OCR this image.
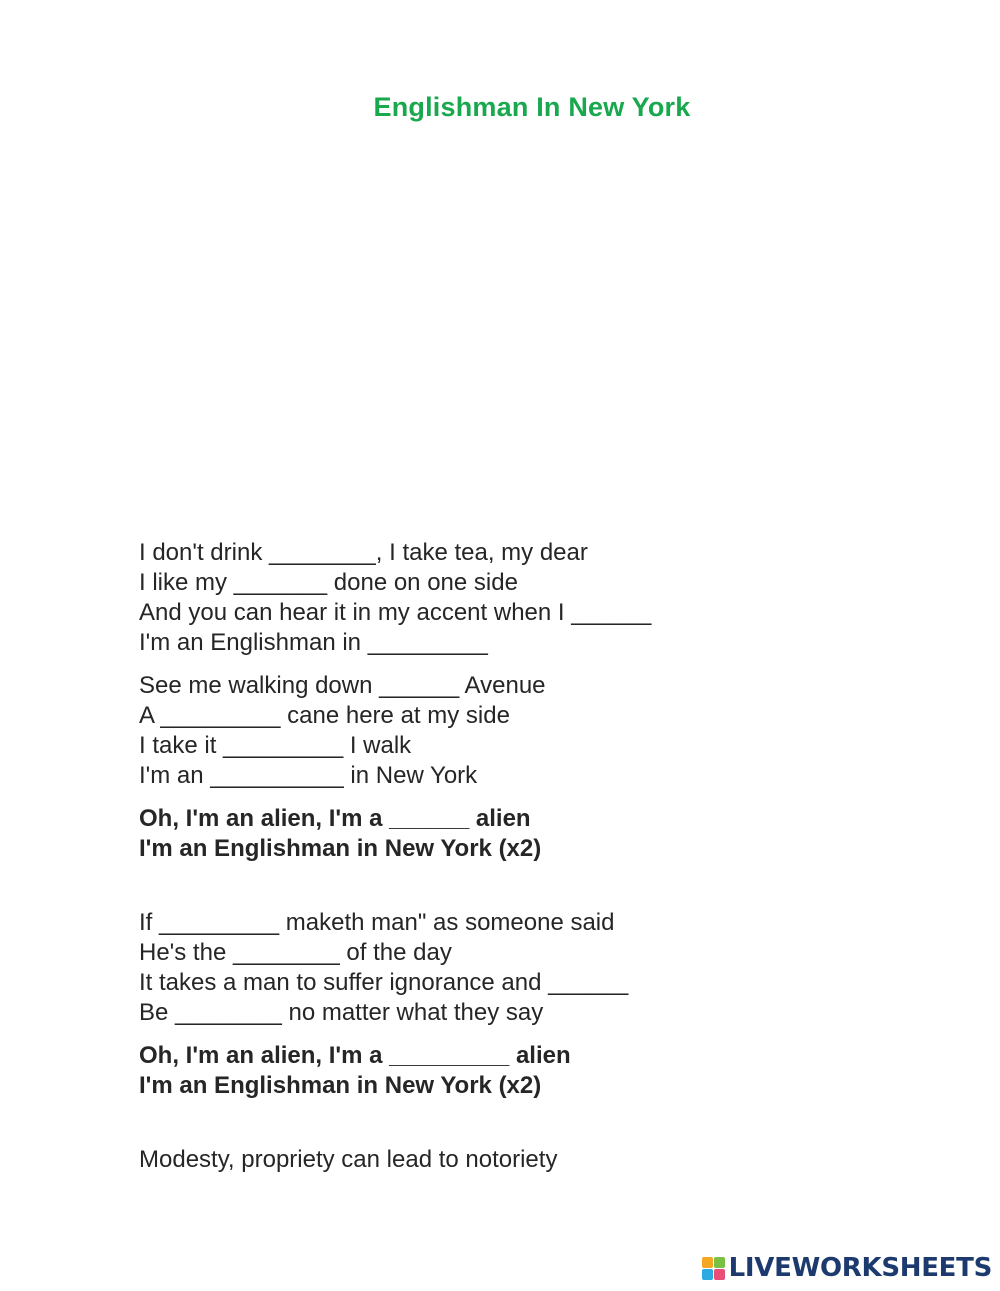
Englishman In New York
I don't drink ________, I take tea, my dear
I like my _______ done on one side
And you can hear it in my accent when I ______
I'm an Englishman in _________
See me walking down ______ Avenue
A _________ cane here at my side
I take it _________ I walk
I'm an __________ in New York
Oh, I'm an alien, I'm a ______ alien
I'm an Englishman in New York (x2)
If _________ maketh man" as someone said
He's the ________ of the day
It takes a man to suffer ignorance and ______
Be ________ no matter what they say
Oh, I'm an alien, I'm a _________ alien
I'm an Englishman in New York (x2)
Modesty, propriety can lead to notoriety
LIVEWORKSHEETS
